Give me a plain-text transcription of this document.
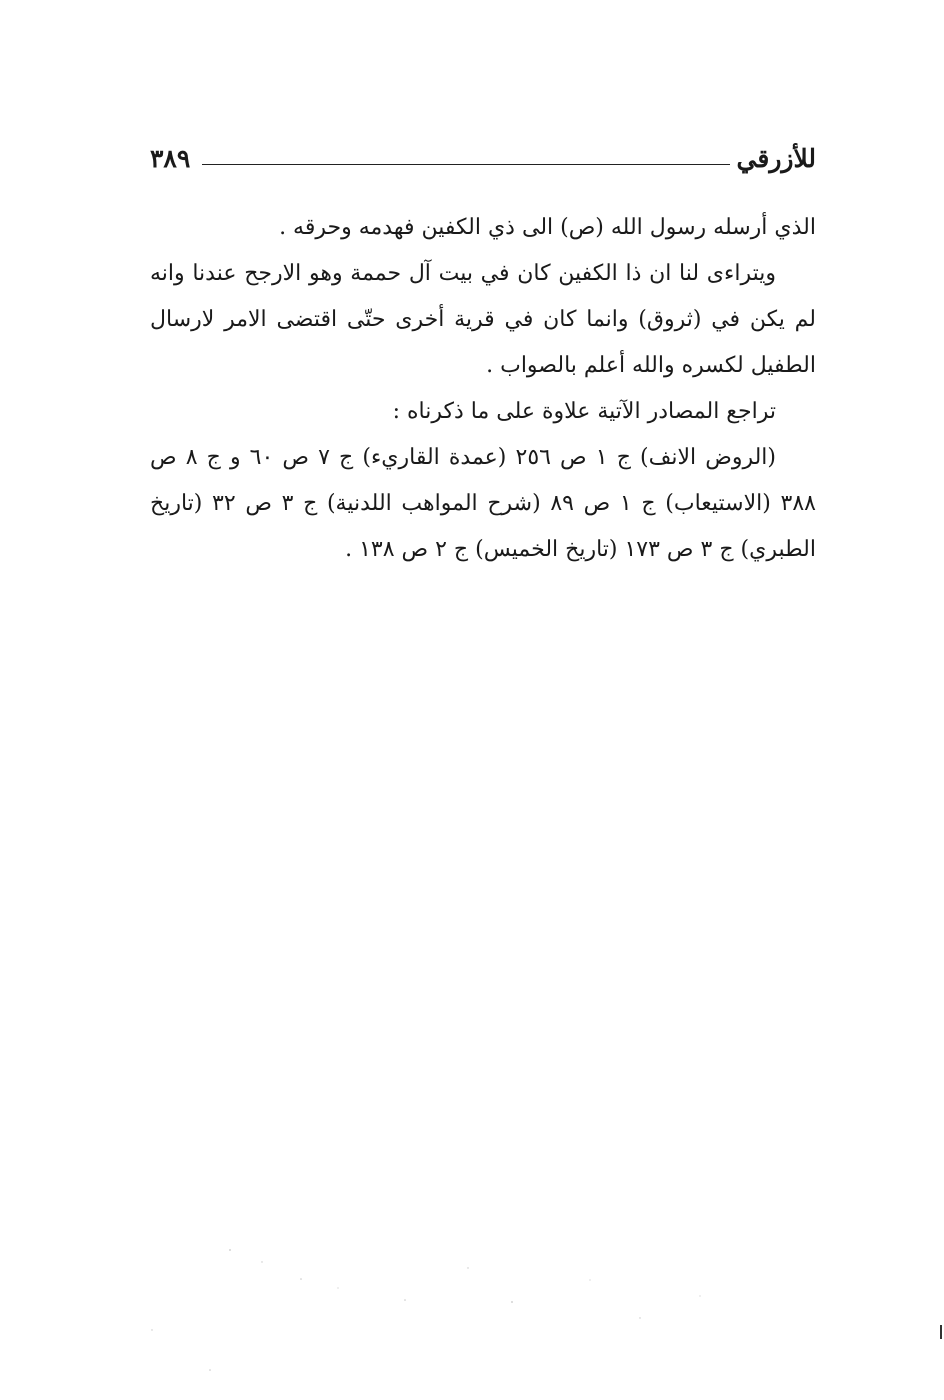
للأزرقي
٣٨٩

الذي أرسله رسول الله (ص) الى ذي الكفين فهدمه وحرقه .

ويتراءى لنا ان ذا الكفين كان في بيت آل حممة وهو الارجح عندنا وانه لم يكن في (ثروق) وانما كان في قرية أخرى حتّى اقتضى الامر لارسال الطفيل لكسره والله أعلم بالصواب .

تراجع المصادر الآتية علاوة على ما ذكرناه :

(الروض الانف) ج ١ ص ٢٥٦ (عمدة القاريء) ج ٧ ص ٦٠ و ج ٨ ص ٣٨٨ (الاستيعاب) ج ١ ص ٨٩ (شرح المواهب اللدنية) ج ٣ ص ٣٢ (تاريخ الطبري) ج ٣ ص ١٧٣ (تاريخ الخميس) ج ٢ ص ١٣٨ .
